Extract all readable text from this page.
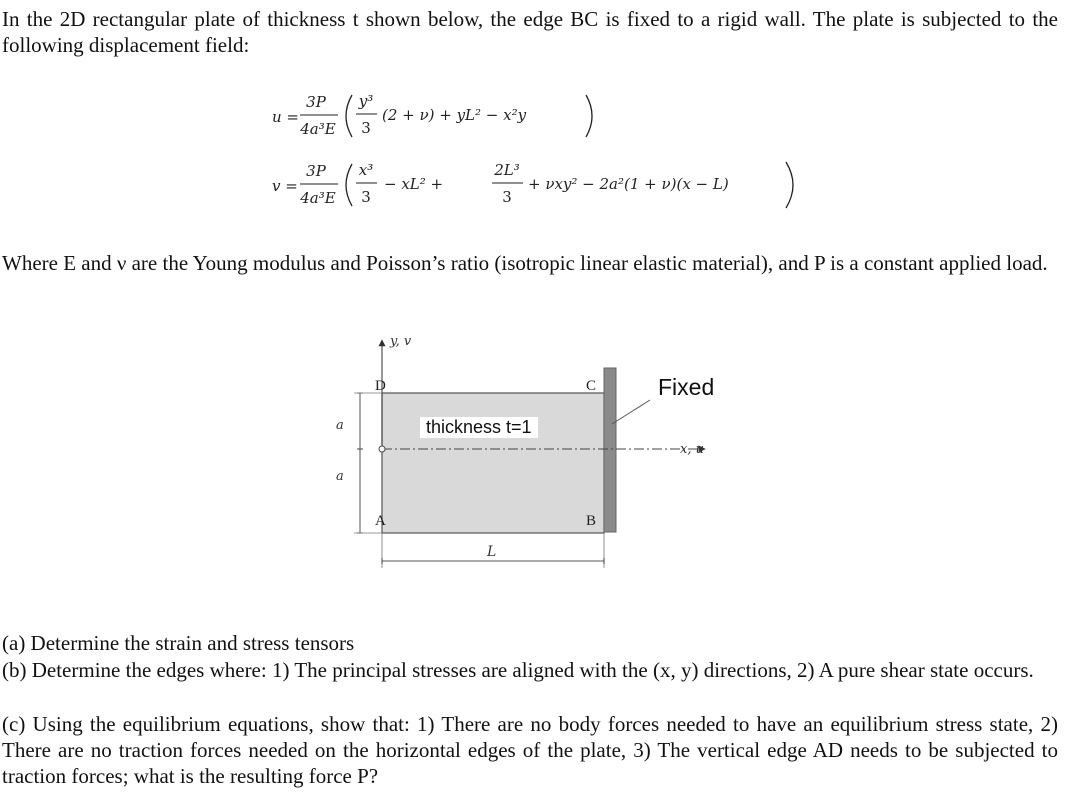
In the 2D rectangular plate of thickness t shown below, the edge BC is fixed to a rigid wall. The plate is subjected to the following displacement field:

u =
3P
4a³E
y³
3
(2 + ν) + yL² − x²y
v =
3P
4a³E
x³
3
− xL² +
2L³
3
+ νxy² − 2a²(1 + ν)(x − L)

Where E and ν are the Young modulus and Poisson’s ratio (isotropic linear elastic material), and P is a constant applied load.

y, v
x, u
D	C
A	B
a
a
L
thickness t=1
Fixed

(a) Determine the strain and stress tensors

(b) Determine the edges where: 1) The principal stresses are aligned with the (x, y) directions, 2) A pure shear state occurs.

(c) Using the equilibrium equations, show that: 1) There are no body forces needed to have an equilibrium stress state, 2) There are no traction forces needed on the horizontal edges of the plate, 3) The vertical edge AD needs to be subjected to traction forces; what is the resulting force P?
